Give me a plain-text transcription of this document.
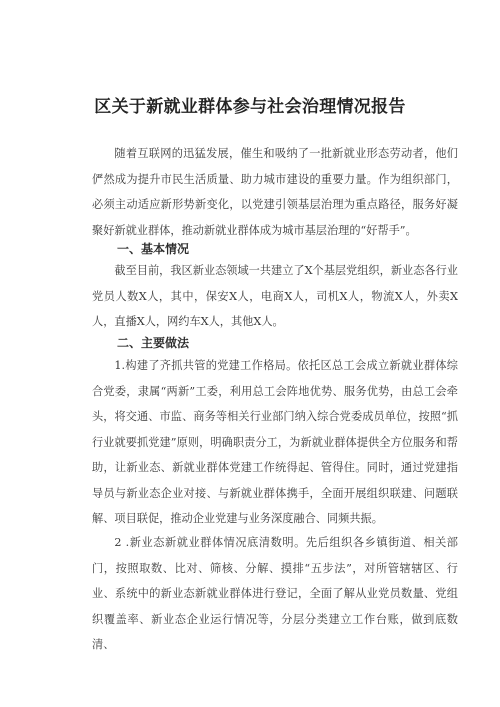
区关于新就业群体参与社会治理情况报告

随着互联网的迅猛发展，催生和吸纳了一批新就业形态劳动者，他们俨然成为提升市民生活质量、助力城市建设的重要力量。作为组织部门，必须主动适应新形势新变化，以党建引领基层治理为重点路径，服务好凝聚好新就业群体，推动新就业群体成为城市基层治理的“好帮手”。

一、基本情况

截至目前，我区新业态领域一共建立了X个基层党组织，新业态各行业党员人数X人，其中，保安X人，电商X人，司机X人，物流X人，外卖X人，直播X人，网约车X人，其他X人。

二、主要做法

1.构建了齐抓共管的党建工作格局。依托区总工会成立新就业群体综合党委，隶属“两新”工委，利用总工会阵地优势、服务优势，由总工会牵头，将交通、市监、商务等相关行业部门纳入综合党委成员单位，按照“抓行业就要抓党建”原则，明确职责分工，为新就业群体提供全方位服务和帮助，让新业态、新就业群体党建工作统得起、管得住。同时，通过党建指导员与新业态企业对接、与新就业群体携手，全面开展组织联建、问题联解、项目联促，推动企业党建与业务深度融合、同频共振。

2 .新业态新就业群体情况底清数明。先后组织各乡镇街道、相关部门，按照取数、比对、筛核、分解、摸排“五步法”，对所管辖辖区、行业、系统中的新业态新就业群体进行登记，全面了解从业党员数量、党组织覆盖率、新业态企业运行情况等，分层分类建立工作台账，做到底数清、
